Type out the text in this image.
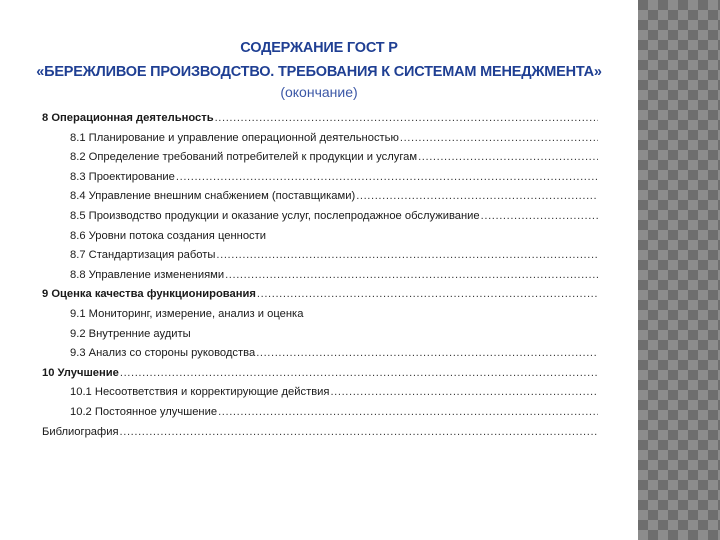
СОДЕРЖАНИЕ ГОСТ Р
«БЕРЕЖЛИВОЕ ПРОИЗВОДСТВО. ТРЕБОВАНИЯ К СИСТЕМАМ МЕНЕДЖМЕНТА»
(окончание)
8 Операционная деятельность
.....
8.1 Планирование и управление операционной деятельностью
.....
8.2 Определение требований потребителей к продукции и услугам
.....
8.3 Проектирование
.....
8.4 Управление внешним снабжением (поставщиками)
.....
8.5 Производство продукции и оказание услуг, послепродажное обслуживание
.....
8.6 Уровни потока создания ценности
8.7 Стандартизация работы
.....
8.8 Управление изменениями
.....
9 Оценка качества функционирования
.....
9.1 Мониторинг, измерение, анализ и оценка
9.2 Внутренние аудиты
9.3 Анализ со стороны руководства
.....
10 Улучшение
.....
10.1 Несоответствия и корректирующие действия
.....
10.2 Постоянное улучшение
.....
Библиография
.....
